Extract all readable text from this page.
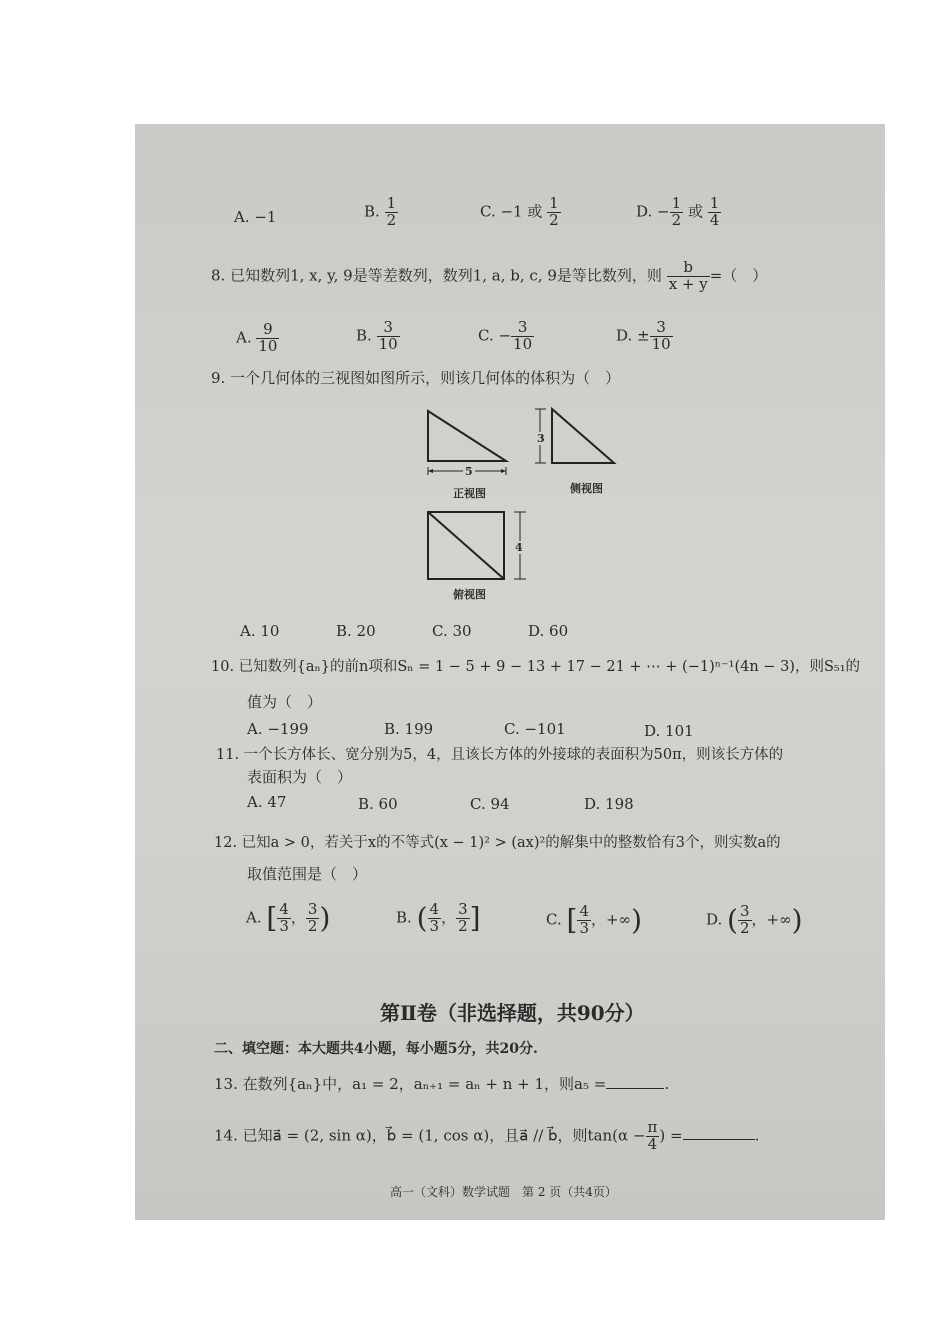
A. −1	B. $\frac{1}{2}$	C. −1 或 $\frac{1}{2}$	D. − $\frac{1}{2}$ 或 $\frac{1}{4}$
8. 已知数列1, x, y, 9是等差数列，数列1, a, b, c, 9是等比数列，则 $\frac{b}{x + y}$ =（　）
A. $\frac{9}{10}$	B. $\frac{3}{10}$	C. − $\frac{3}{10}$	D. ± $\frac{3}{10}$
9. 一个几何体的三视图如图所示，则该几何体的体积为（　）
5
正视图
3
侧视图
4
俯视图
A. 10	B. 20	C. 30	D. 60
10. 已知数列{aₙ}的前n项和Sₙ = 1 − 5 + 9 − 13 + 17 − 21 + ⋯ + (−1)ⁿ⁻¹(4n − 3)，则S₅₁的
值为（　）
A. −199	B. 199	C. −101	D. 101
11. 一个长方体长、宽分别为5，4，且该长方体的外接球的表面积为50π，则该长方体的
表面积为（　）
A. 47	B. 60	C. 94	D. 198
12. 已知a > 0，若关于x的不等式(x − 1)² > (ax)²的解集中的整数恰有3个，则实数a的
取值范围是（　）
A. [ $\frac{4}{3}$ ， $\frac{3}{2}$ )	B. ( $\frac{4}{3}$ ， $\frac{3}{2}$ ]	C. [ $\frac{4}{3}$ ，+∞)	D. ( $\frac{3}{2}$ ，+∞)
第Ⅱ卷（非选择题，共90分）
二、填空题：本大题共4小题，每小题5分，共20分.
13. 在数列{aₙ}中，a₁ = 2，aₙ₊₁ = aₙ + n + 1，则a₅ =	.
14. 已知a⃗ = (2, sin α)，b⃗ = (1, cos α)，且a⃗ // b⃗，则$\tan(\alpha - \frac{\pi}{4}$ ) =	.
高一（文科）数学试题　第 2 页（共4页）
